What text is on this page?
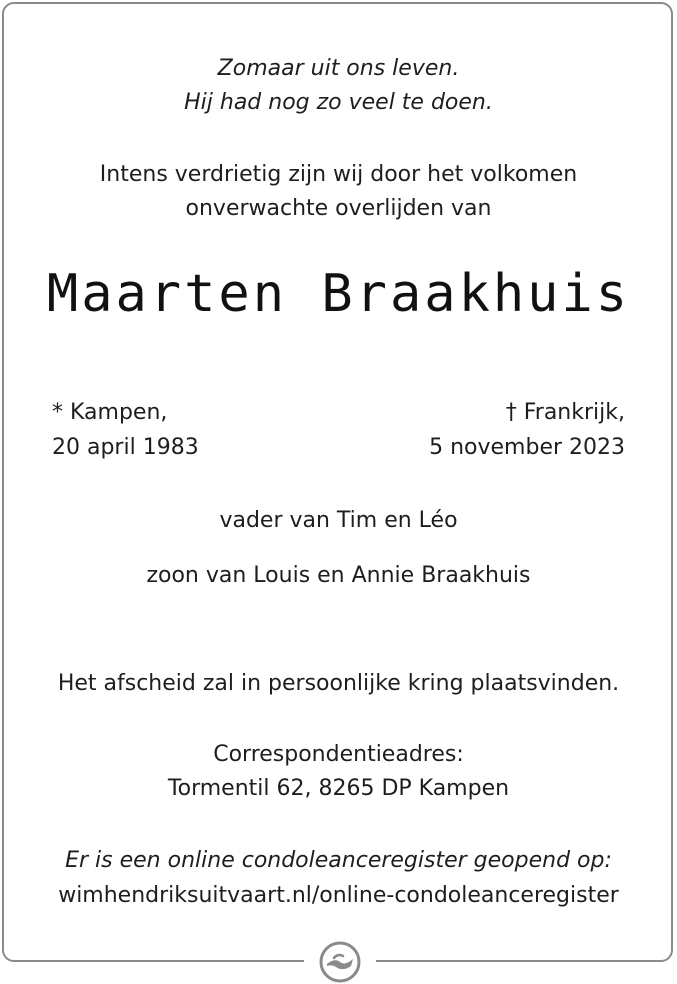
Zomaar uit ons leven.
Hij had nog zo veel te doen.
Intens verdrietig zijn wij door het volkomen
onverwachte overlijden van
Maarten Braakhuis
* Kampen,
20 april 1983
† Frankrijk,
5 november 2023
vader van Tim en Léo
zoon van Louis en Annie Braakhuis
Het afscheid zal in persoonlijke kring plaatsvinden.
Correspondentieadres:
Tormentil 62, 8265 DP Kampen
Er is een online condoleanceregister geopend op:
wimhendriksuitvaart.nl/online-condoleanceregister
